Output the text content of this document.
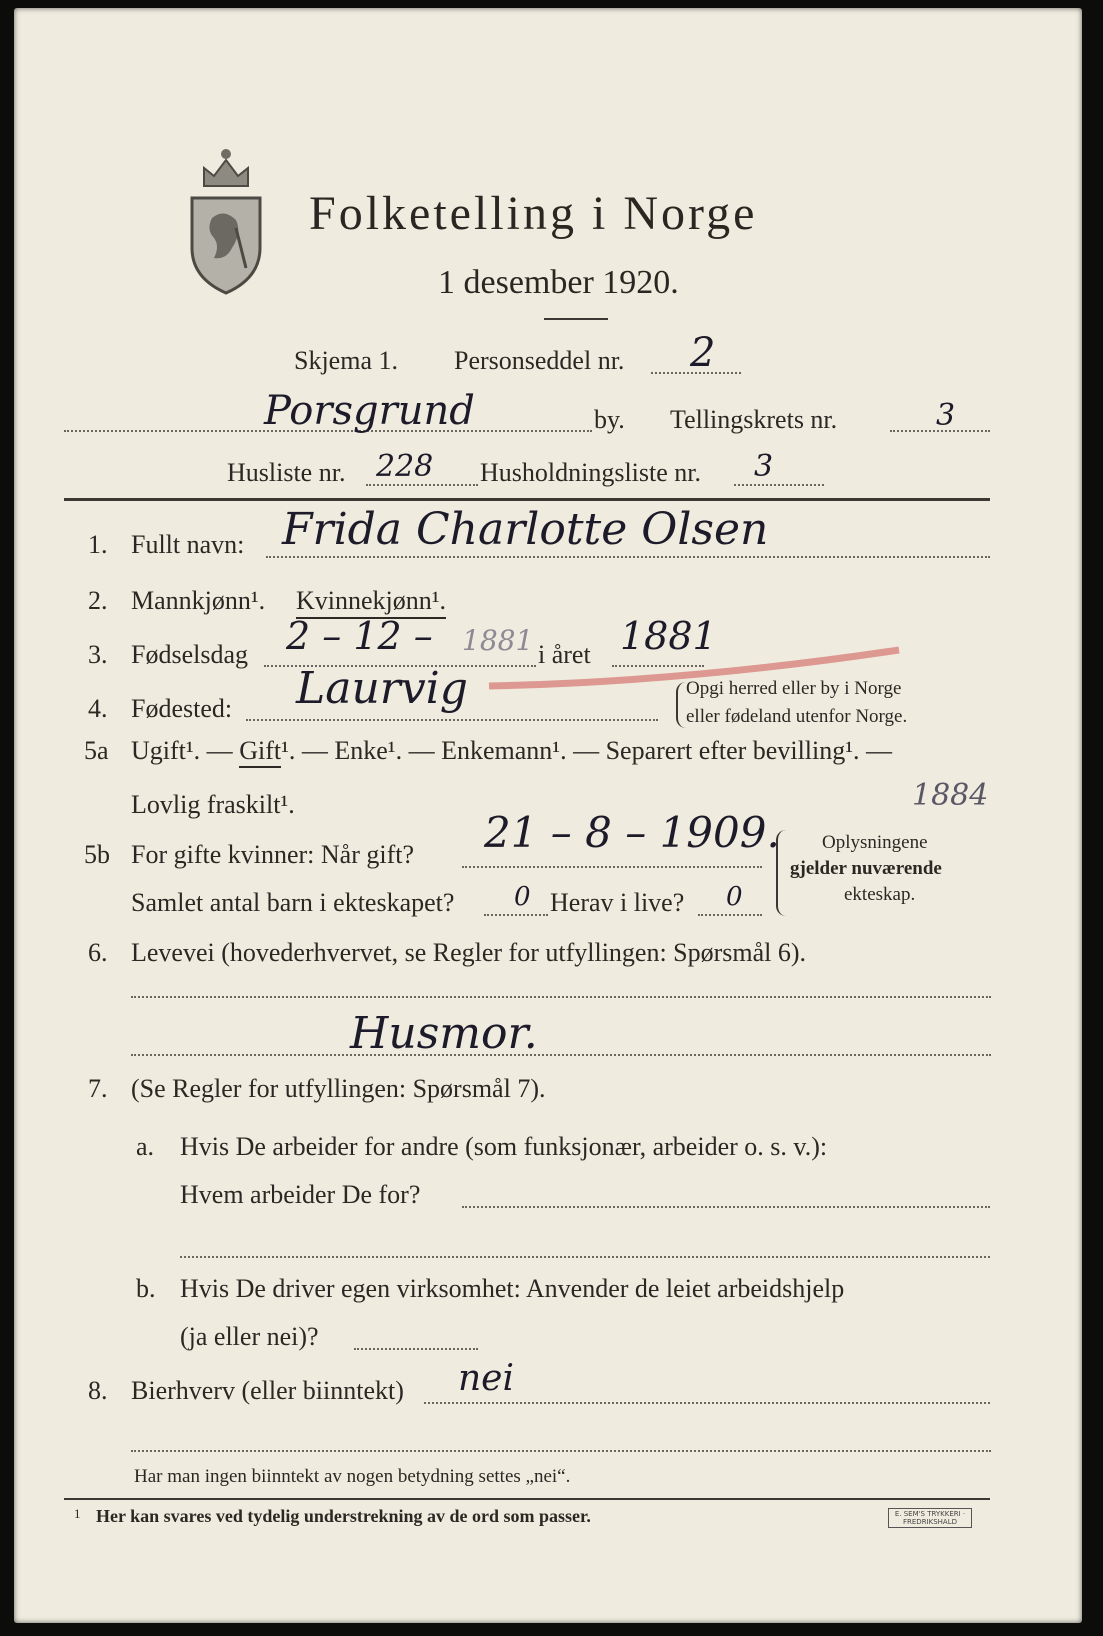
Folketelling i Norge
1 desember 1920.
Skjema 1. Personseddel nr. 2
Porsgrund	by. Tellingskrets nr.	3
Husliste nr. 228 Husholdningsliste nr. 3
1. Fullt navn: Frida Charlotte Olsen
2. Mannkjønn¹. Kvinnekjønn¹.
3. Fødselsdag 2 – 12 – 1881 i året 1881
4. Fødested: Laurvig	Opgi herred eller by i Norge
eller fødeland utenfor Norge.
5a Ugift¹. — Gift¹. — Enke¹. — Enkemann¹. — Separert efter bevilling¹. —
Lovlig fraskilt¹.	1884
5b For gifte kvinner: Når gift? 21 – 8 – 1909.
Samlet antal barn i ekteskapet? 0 Herav i live? 0
Oplysningene
gjelder nuværende
ekteskap.
6. Levevei (hovederhvervet, se Regler for utfyllingen: Spørsmål 6).
Husmor.
7. (Se Regler for utfyllingen: Spørsmål 7).
a. Hvis De arbeider for andre (som funksjonær, arbeider o. s. v.):
Hvem arbeider De for?
b. Hvis De driver egen virksomhet: Anvender de leiet arbeidshjelp
(ja eller nei)?
8. Bierhverv (eller biinntekt) nei
Har man ingen biinntekt av nogen betydning settes „nei“.
1 Her kan svares ved tydelig understrekning av de ord som passer.	E. SEM'S TRYKKERI · FREDRIKSHALD
